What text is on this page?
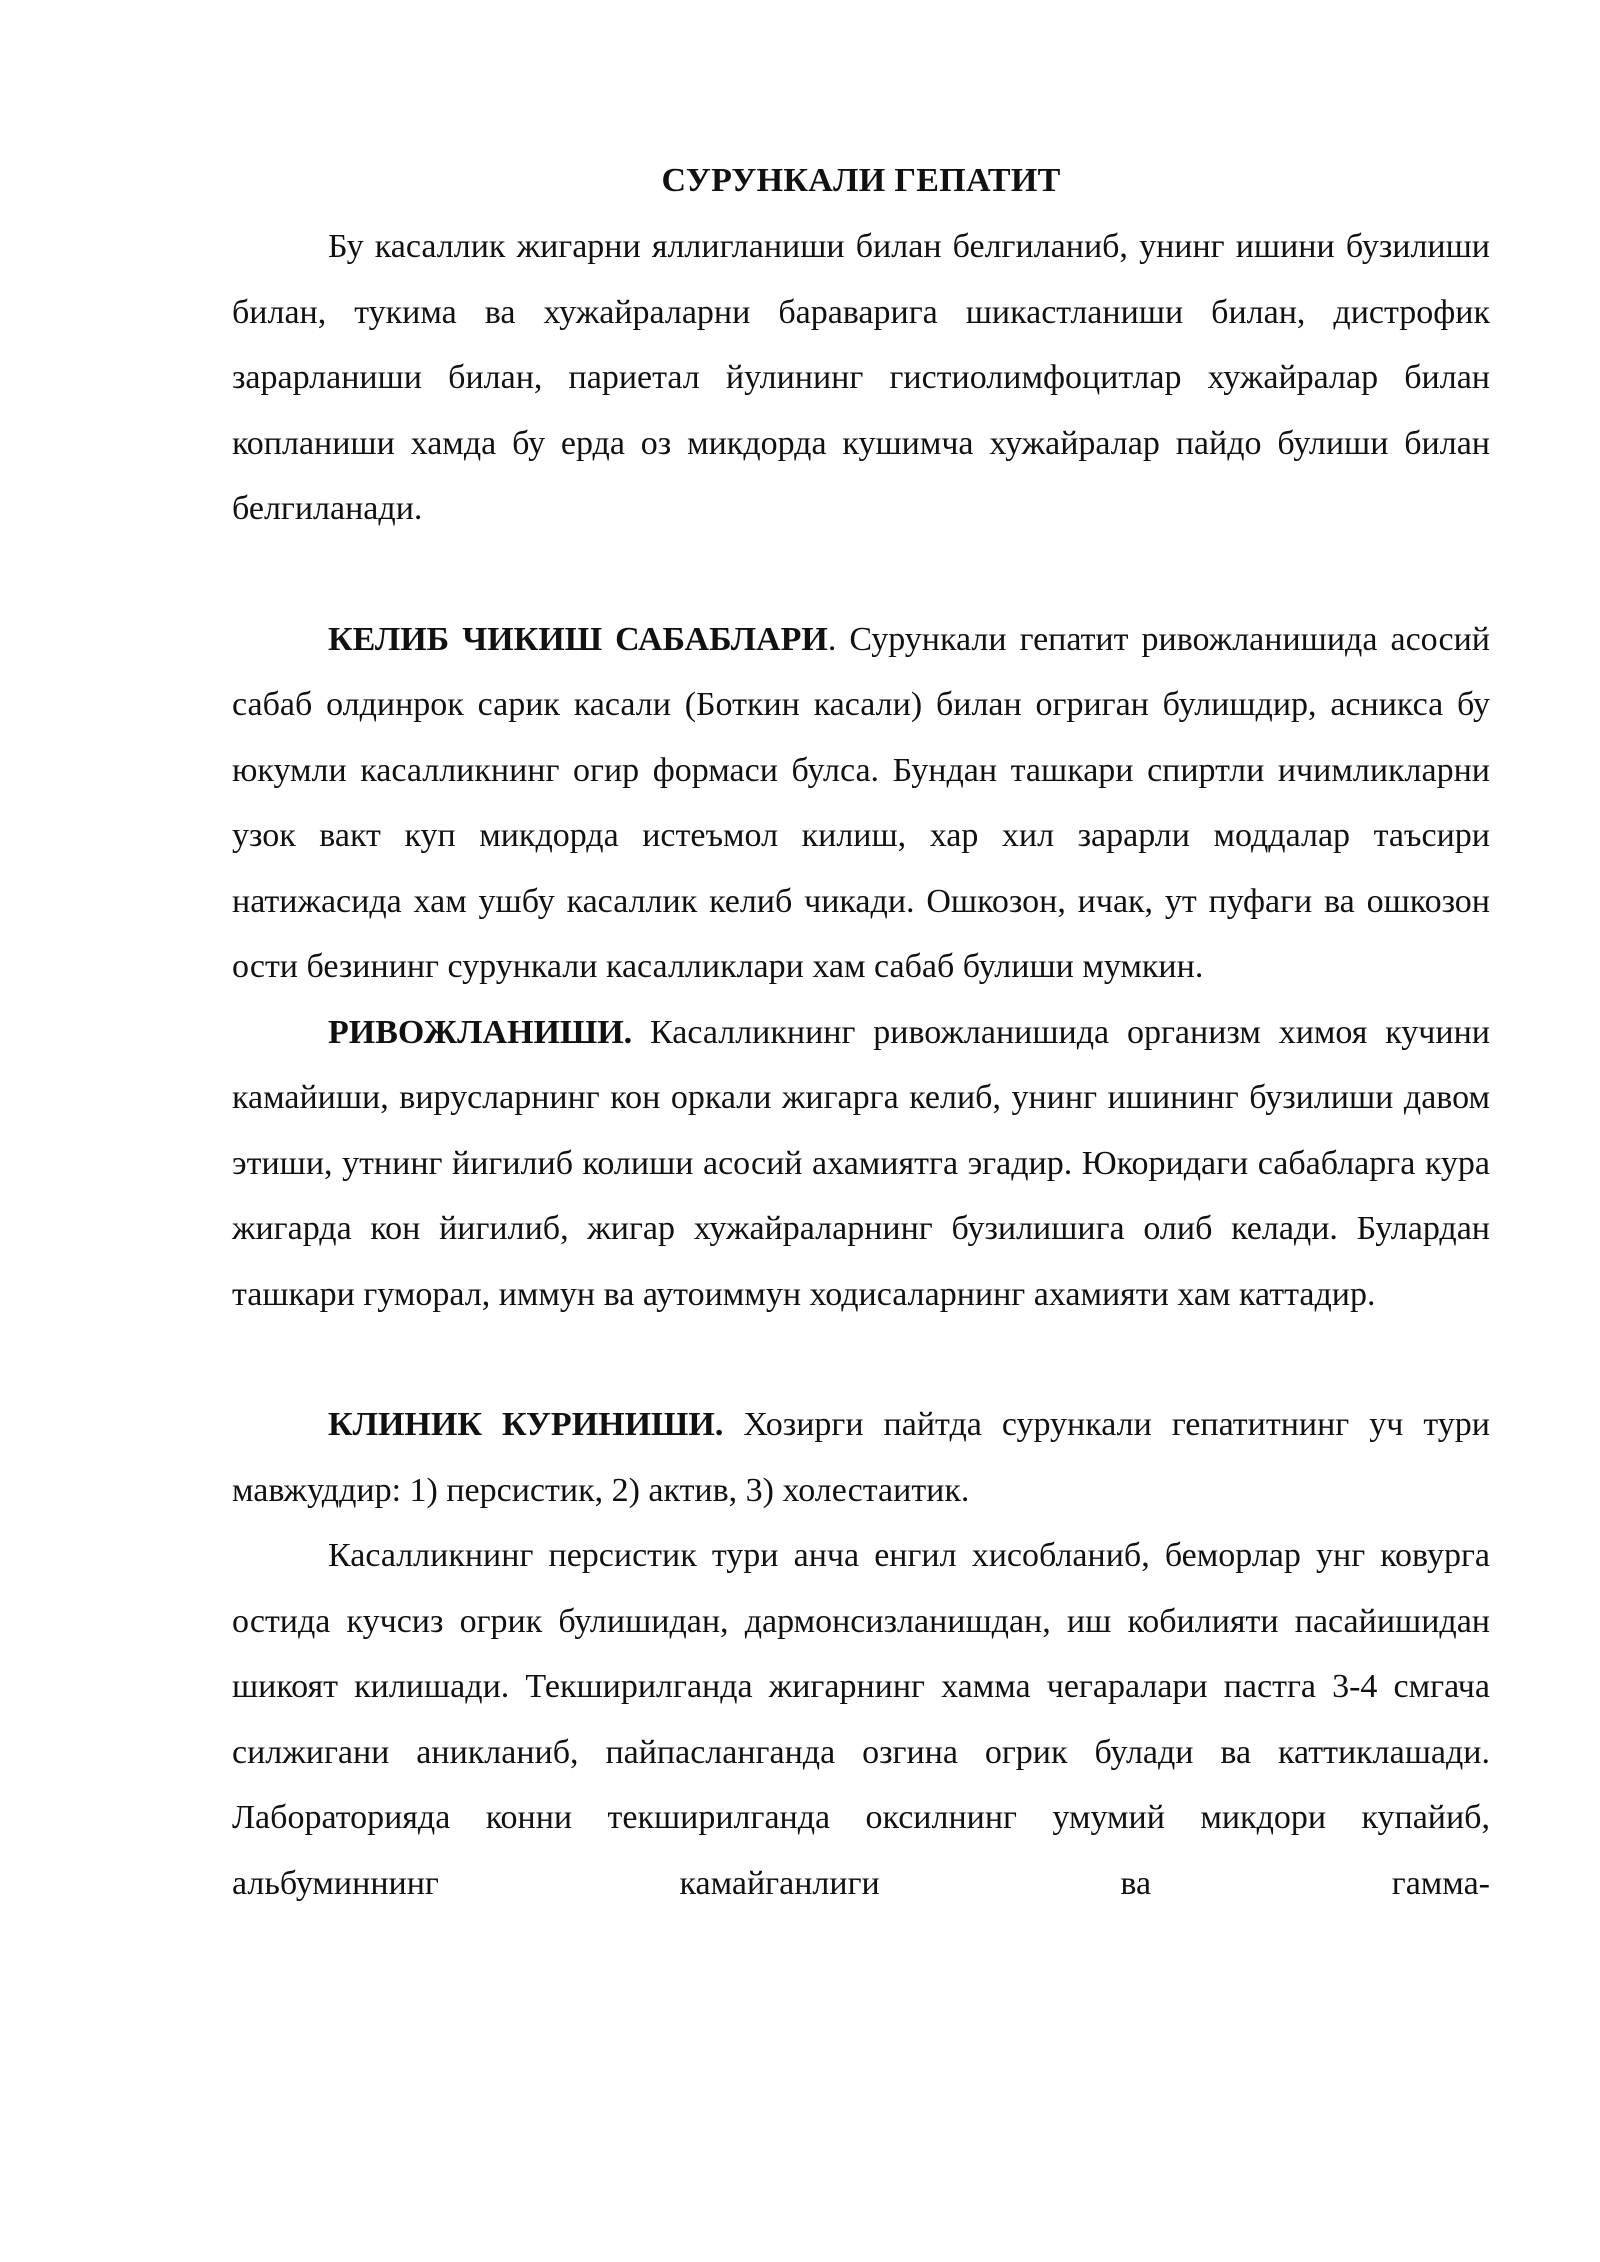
СУРУНКАЛИ ГЕПАТИТ

Бу касаллик жигарни яллигланиши билан белгиланиб, унинг ишини бузилиши билан, тукима ва хужайраларни бараварига шикастланиши билан, дистрофик зарарланиши билан, париетал йулининг гистиолимфоцитлар хужайралар билан копланиши хамда бу ерда оз микдорда кушимча хужайралар пайдо булиши билан белгиланади.

КЕЛИБ ЧИКИШ САБАБЛАРИ. Сурункали гепатит ривожланишида асосий сабаб олдинрок сарик касали (Боткин касали) билан огриган булишдир, асникса бу юкумли касалликнинг огир формаси булса. Бундан ташкари спиртли ичимликларни узок вакт куп микдорда истеъмол килиш, хар хил зарарли моддалар таъсири натижасида хам ушбу касаллик келиб чикади. Ошкозон, ичак, ут пуфаги ва ошкозон ости безининг сурункали касалликлари хам сабаб булиши мумкин.

РИВОЖЛАНИШИ. Касалликнинг ривожланишида организм химоя кучини камайиши, вирусларнинг кон оркали жигарга келиб, унинг ишининг бузилиши давом этиши, утнинг йигилиб колиши асосий ахамиятга эгадир. Юкоридаги сабабларга кура жигарда кон йигилиб, жигар хужайраларнинг бузилишига олиб келади. Булардан ташкари гуморал, иммун ва аутоиммун ходисаларнинг ахамияти хам каттадир.

КЛИНИК КУРИНИШИ. Хозирги пайтда сурункали гепатитнинг уч тури мавжуддир: 1) персистик, 2) актив, 3) холестаитик.

Касалликнинг персистик тури анча енгил хисобланиб, беморлар унг ковурга остида кучсиз огрик булишидан, дармонсизланишдан, иш кобилияти пасайишидан шикоят килишади. Текширилганда жигарнинг хамма чегаралари пастга 3-4 смгача силжигани аникланиб, пайпасланганда озгина огрик булади ва каттиклашади. Лабораторияда конни текширилганда оксилнинг умумий микдори купайиб, альбуминнинг камайганлиги ва гамма-
